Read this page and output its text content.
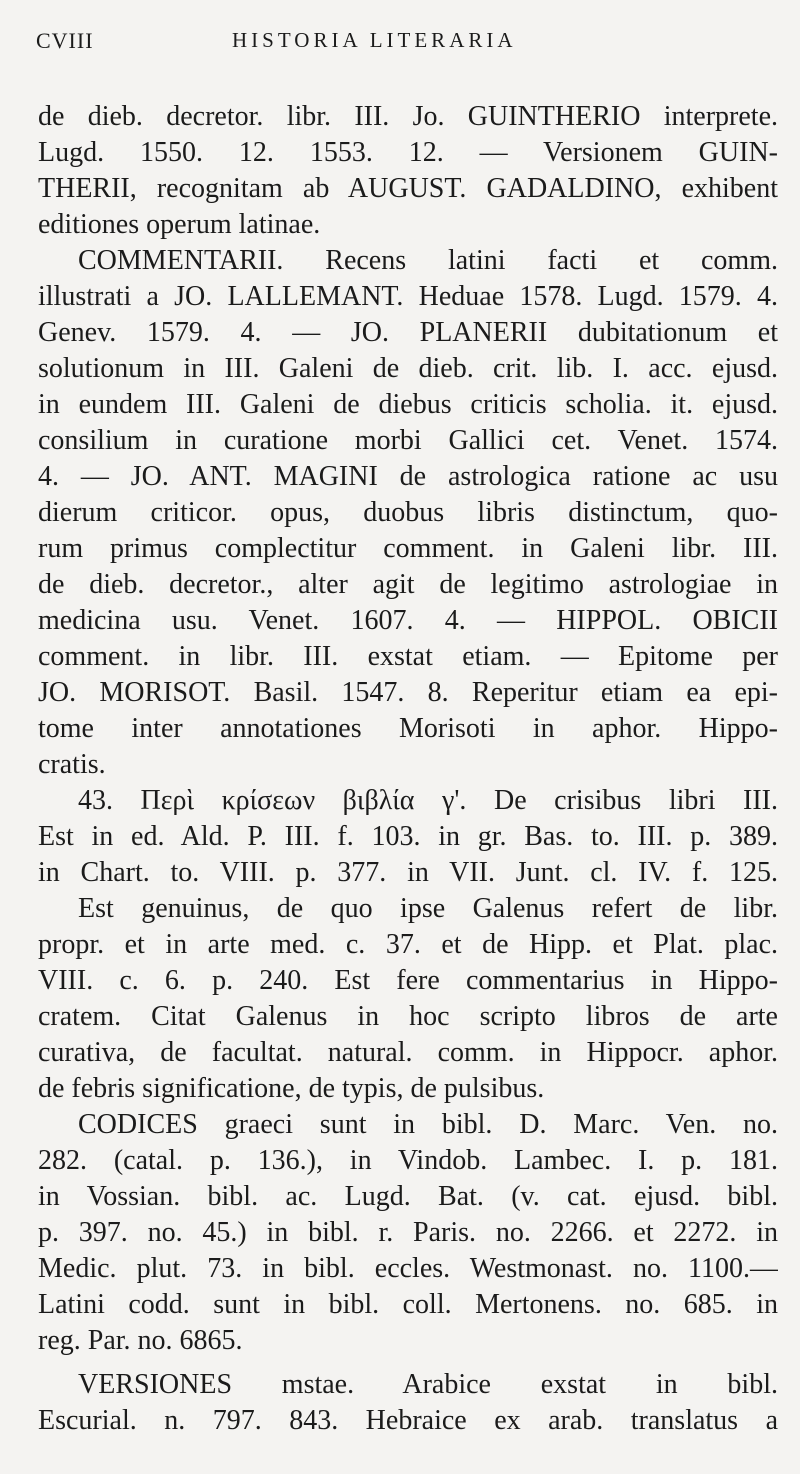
CVIII	HISTORIA LITERARIA
de dieb. decretor. libr. III. Jo. GUINTHERIO interprete.
Lugd. 1550. 12. 1553. 12. — Versionem GUIN-
THERII, recognitam ab AUGUST. GADALDINO, exhibent
editiones operum latinae.
COMMENTARII. Recens latini facti et comm.
illustrati a JO. LALLEMANT. Heduae 1578. Lugd. 1579. 4.
Genev. 1579. 4. — JO. PLANERII dubitationum et
solutionum in III. Galeni de dieb. crit. lib. I. acc. ejusd.
in eundem III. Galeni de diebus criticis scholia. it. ejusd.
consilium in curatione morbi Gallici cet. Venet. 1574.
4. — JO. ANT. MAGINI de astrologica ratione ac usu
dierum criticor. opus, duobus libris distinctum, quo-
rum primus complectitur comment. in Galeni libr. III.
de dieb. decretor., alter agit de legitimo astrologiae in
medicina usu. Venet. 1607. 4. — HIPPOL. OBICII
comment. in libr. III. exstat etiam. — Epitome per
JO. MORISOT. Basil. 1547. 8. Reperitur etiam ea epi-
tome inter annotationes Morisoti in aphor. Hippo-
cratis.
43. Περὶ κρίσεων βιβλία γ'. De crisibus libri III.
Est in ed. Ald. P. III. f. 103. in gr. Bas. to. III. p. 389.
in Chart. to. VIII. p. 377. in VII. Junt. cl. IV. f. 125.
Est genuinus, de quo ipse Galenus refert de libr.
propr. et in arte med. c. 37. et de Hipp. et Plat. plac.
VIII. c. 6. p. 240. Est fere commentarius in Hippo-
cratem. Citat Galenus in hoc scripto libros de arte
curativa, de facultat. natural. comm. in Hippocr. aphor.
de febris significatione, de typis, de pulsibus.
CODICES graeci sunt in bibl. D. Marc. Ven. no.
282. (catal. p. 136.), in Vindob. Lambec. I. p. 181.
in Vossian. bibl. ac. Lugd. Bat. (v. cat. ejusd. bibl.
p. 397. no. 45.) in bibl. r. Paris. no. 2266. et 2272. in
Medic. plut. 73. in bibl. eccles. Westmonast. no. 1100.—
Latini codd. sunt in bibl. coll. Mertonens. no. 685. in
reg. Par. no. 6865.
VERSIONES mstae. Arabice exstat in bibl.
Escurial. n. 797. 843. Hebraice ex arab. translatus a
